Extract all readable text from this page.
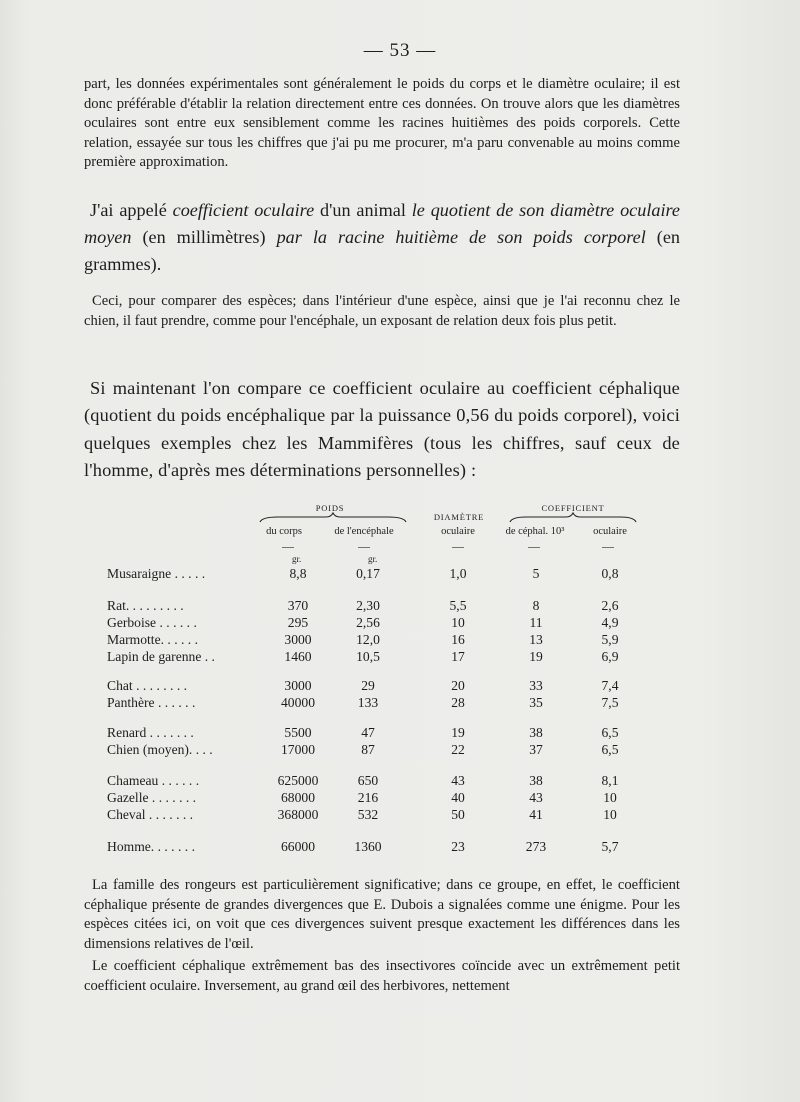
— 53 —
part, les données expérimentales sont généralement le poids du corps et le diamètre oculaire; il est donc préférable d'établir la relation directement entre ces données. On trouve alors que les diamètres oculaires sont entre eux sensiblement comme les racines huitièmes des poids corporels. Cette relation, essayée sur tous les chiffres que j'ai pu me procurer, m'a paru convenable au moins comme première approximation.
J'ai appelé coefficient oculaire d'un animal le quotient de son diamètre oculaire moyen (en millimètres) par la racine huitième de son poids corporel (en grammes).
Ceci, pour comparer des espèces; dans l'intérieur d'une espèce, ainsi que je l'ai reconnu chez le chien, il faut prendre, comme pour l'encéphale, un exposant de relation deux fois plus petit.
Si maintenant l'on compare ce coefficient oculaire au coefficient céphalique (quotient du poids encéphalique par la puissance 0,56 du poids corporel), voici quelques exemples chez les Mammifères (tous les chiffres, sauf ceux de l'homme, d'après mes déterminations personnelles) :
POIDS
DIAMÈTRE
COEFFICIENT
du corps	de l'encéphale	oculaire	de céphal. 10³	oculaire
—	—	—	—	—
gr.	gr.
Musaraigne . . . . .	8,8	0,17	1,0	5	0,8
Rat. . . . . . . . .	370	2,30	5,5	8	2,6
Gerboise . . . . . .	295	2,56	10	11	4,9
Marmotte. . . . . .	3000	12,0	16	13	5,9
Lapin de garenne . .	1460	10,5	17	19	6,9
Chat . . . . . . . .	3000	29	20	33	7,4
Panthère . . . . . .	40000	133	28	35	7,5
Renard . . . . . . .	5500	47	19	38	6,5
Chien (moyen). . . .	17000	87	22	37	6,5
Chameau . . . . . .	625000	650	43	38	8,1
Gazelle . . . . . . .	68000	216	40	43	10
Cheval . . . . . . .	368000	532	50	41	10
Homme. . . . . . .	66000	1360	23	273	5,7
La famille des rongeurs est particulièrement significative; dans ce groupe, en effet, le coefficient céphalique présente de grandes divergences que E. Dubois a signalées comme une énigme. Pour les espèces citées ici, on voit que ces divergences suivent presque exactement les différences dans les dimensions relatives de l'œil.
Le coefficient céphalique extrêmement bas des insectivores coïncide avec un extrêmement petit coefficient oculaire. Inversement, au grand œil des herbivores, nettement
